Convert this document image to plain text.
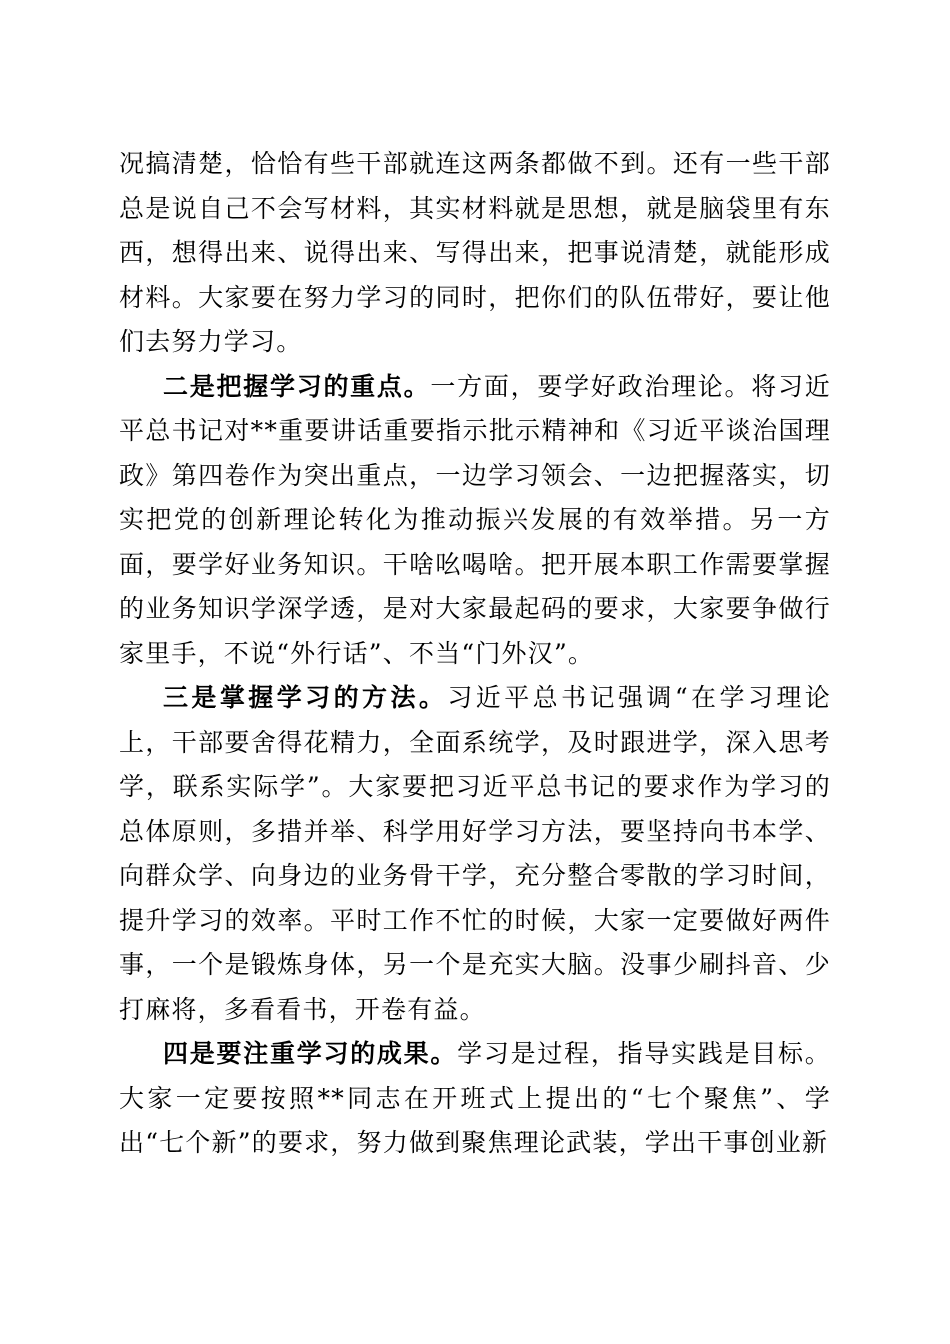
况搞清楚，恰恰有些干部就连这两条都做不到。还有一些干部总是说自己不会写材料，其实材料就是思想，就是脑袋里有东西，想得出来、说得出来、写得出来，把事说清楚，就能形成材料。大家要在努力学习的同时，把你们的队伍带好，要让他们去努力学习。

二是把握学习的重点。一方面，要学好政治理论。将习近平总书记对**重要讲话重要指示批示精神和《习近平谈治国理政》第四卷作为突出重点，一边学习领会、一边把握落实，切实把党的创新理论转化为推动振兴发展的有效举措。另一方面，要学好业务知识。干啥吆喝啥。把开展本职工作需要掌握的业务知识学深学透，是对大家最起码的要求，大家要争做行家里手，不说“外行话”、不当“门外汉”。

三是掌握学习的方法。习近平总书记强调“在学习理论上，干部要舍得花精力，全面系统学，及时跟进学，深入思考学，联系实际学”。大家要把习近平总书记的要求作为学习的总体原则，多措并举、科学用好学习方法，要坚持向书本学、向群众学、向身边的业务骨干学，充分整合零散的学习时间，提升学习的效率。平时工作不忙的时候，大家一定要做好两件事，一个是锻炼身体，另一个是充实大脑。没事少刷抖音、少打麻将，多看看书，开卷有益。

四是要注重学习的成果。学习是过程，指导实践是目标。大家一定要按照**同志在开班式上提出的“七个聚焦”、学出“七个新”的要求，努力做到聚焦理论武装，学出干事创业新
